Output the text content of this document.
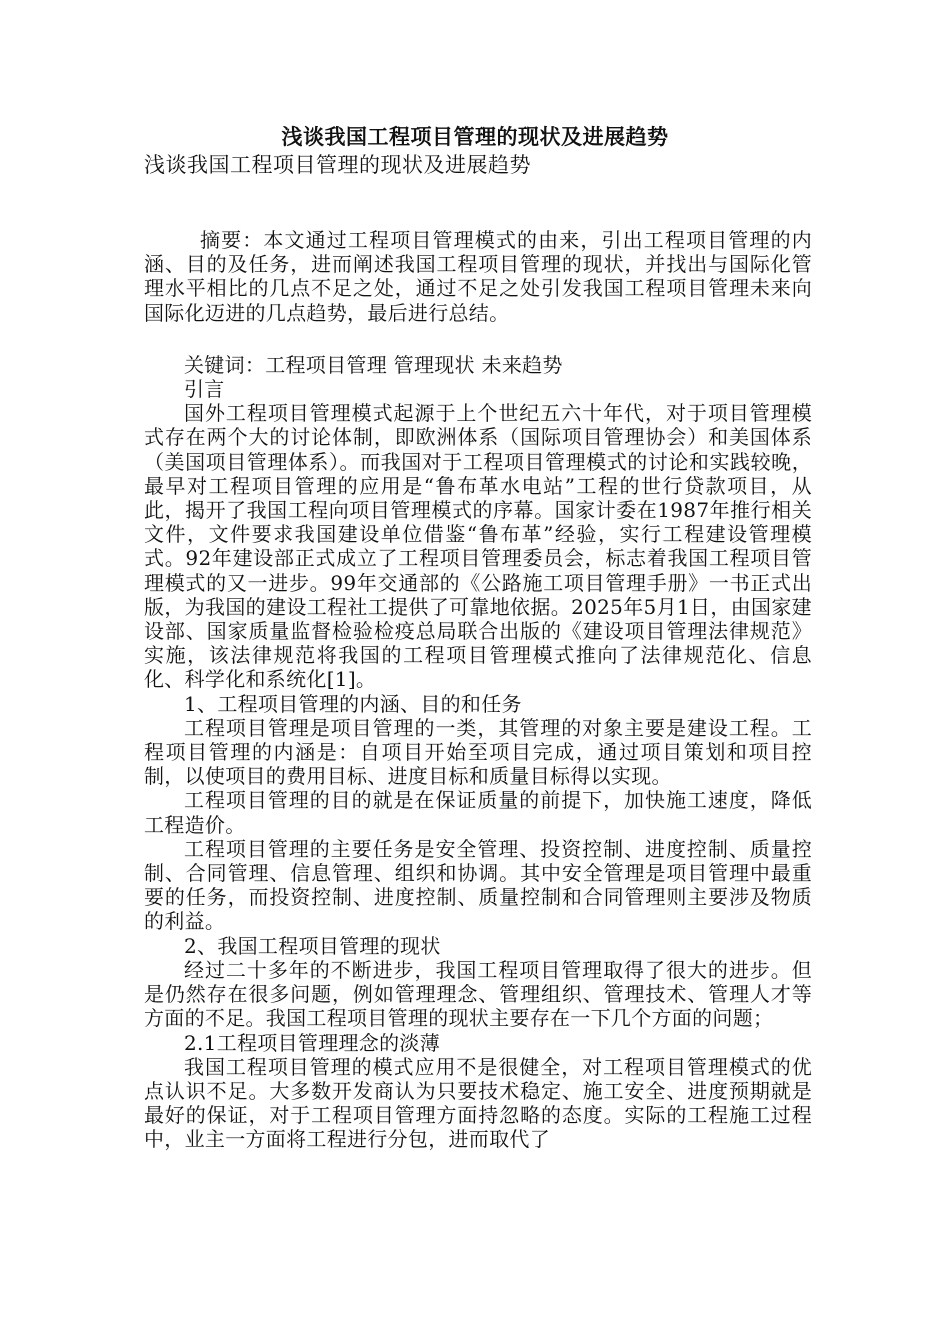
浅谈我国工程项目管理的现状及进展趋势
浅谈我国工程项目管理的现状及进展趋势

摘要：本文通过工程项目管理模式的由来，引出工程项目管理的内涵、目的及任务，进而阐述我国工程项目管理的现状，并找出与国际化管理水平相比的几点不足之处，通过不足之处引发我国工程项目管理未来向国际化迈进的几点趋势，最后进行总结。

关键词：工程项目管理 管理现状 未来趋势

引言

国外工程项目管理模式起源于上个世纪五六十年代，对于项目管理模式存在两个大的讨论体制，即欧洲体系（国际项目管理协会）和美国体系（美国项目管理体系）。而我国对于工程项目管理模式的讨论和实践较晚，最早对工程项目管理的应用是“鲁布革水电站”工程的世行贷款项目，从此，揭开了我国工程向项目管理模式的序幕。国家计委在1987年推行相关文件，文件要求我国建设单位借鉴“鲁布革”经验，实行工程建设管理模式。92年建设部正式成立了工程项目管理委员会，标志着我国工程项目管理模式的又一进步。99年交通部的《公路施工项目管理手册》一书正式出版，为我国的建设工程社工提供了可靠地依据。2025年5月1日，由国家建设部、国家质量监督检验检疫总局联合出版的《建设项目管理法律规范》实施，该法律规范将我国的工程项目管理模式推向了法律规范化、信息化、科学化和系统化[1]。

1、工程项目管理的内涵、目的和任务

工程项目管理是项目管理的一类，其管理的对象主要是建设工程。工程项目管理的内涵是：自项目开始至项目完成，通过项目策划和项目控制，以使项目的费用目标、进度目标和质量目标得以实现。

工程项目管理的目的就是在保证质量的前提下，加快施工速度，降低工程造价。

工程项目管理的主要任务是安全管理、投资控制、进度控制、质量控制、合同管理、信息管理、组织和协调。其中安全管理是项目管理中最重要的任务，而投资控制、进度控制、质量控制和合同管理则主要涉及物质的利益。

2、我国工程项目管理的现状

经过二十多年的不断进步，我国工程项目管理取得了很大的进步。但是仍然存在很多问题，例如管理理念、管理组织、管理技术、管理人才等方面的不足。我国工程项目管理的现状主要存在一下几个方面的问题；

2.1工程项目管理理念的淡薄

我国工程项目管理的模式应用不是很健全，对工程项目管理模式的优点认识不足。大多数开发商认为只要技术稳定、施工安全、进度预期就是最好的保证，对于工程项目管理方面持忽略的态度。实际的工程施工过程中，业主一方面将工程进行分包，进而取代了
